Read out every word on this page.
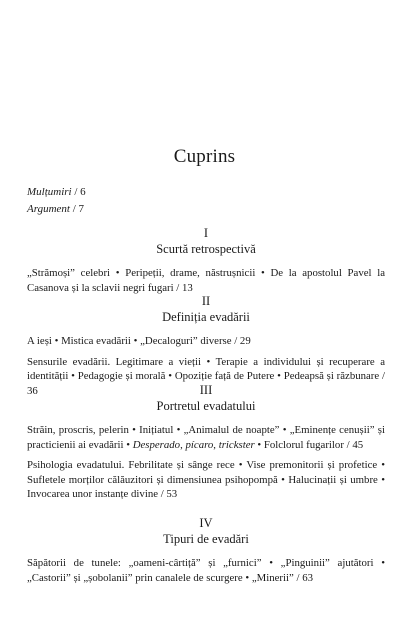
Cuprins
Mulțumiri / 6
Argument / 7
I
Scurtă retrospectivă
„Strămoși” celebri • Peripeții, drame, năstrușnicii • De la apostolul Pavel la Casanova și la sclavii negri fugari / 13
II
Definiția evadării
A ieși • Mistica evadării • „Decaloguri” diverse / 29
Sensurile evadării. Legitimare a vieții • Terapie a individului și recuperare a identității • Pedagogie și morală • Opoziție față de Putere • Pedeapsă și răzbunare / 36	III
Portretul evadatului
Străin, proscris, pelerin • Inițiatul • „Animalul de noapte” • „Eminențe cenușii” și practicienii ai evadării • Desperado, pícaro, trickster • Folclorul fugarilor / 45
Psihologia evadatului. Febrilitate și sânge rece • Vise premonitorii și profetice • Sufletele morților călăuzitori și dimensiunea psihopompă • Halucinații și umbre • Invocarea unor instanțe divine / 53
IV
Tipuri de evadări
Săpătorii de tunele: „oameni-cârtiță” și „furnici” • „Pinguinii” ajutători • „Castorii” și „șobolanii” prin canalele de scurgere • „Minerii” / 63
